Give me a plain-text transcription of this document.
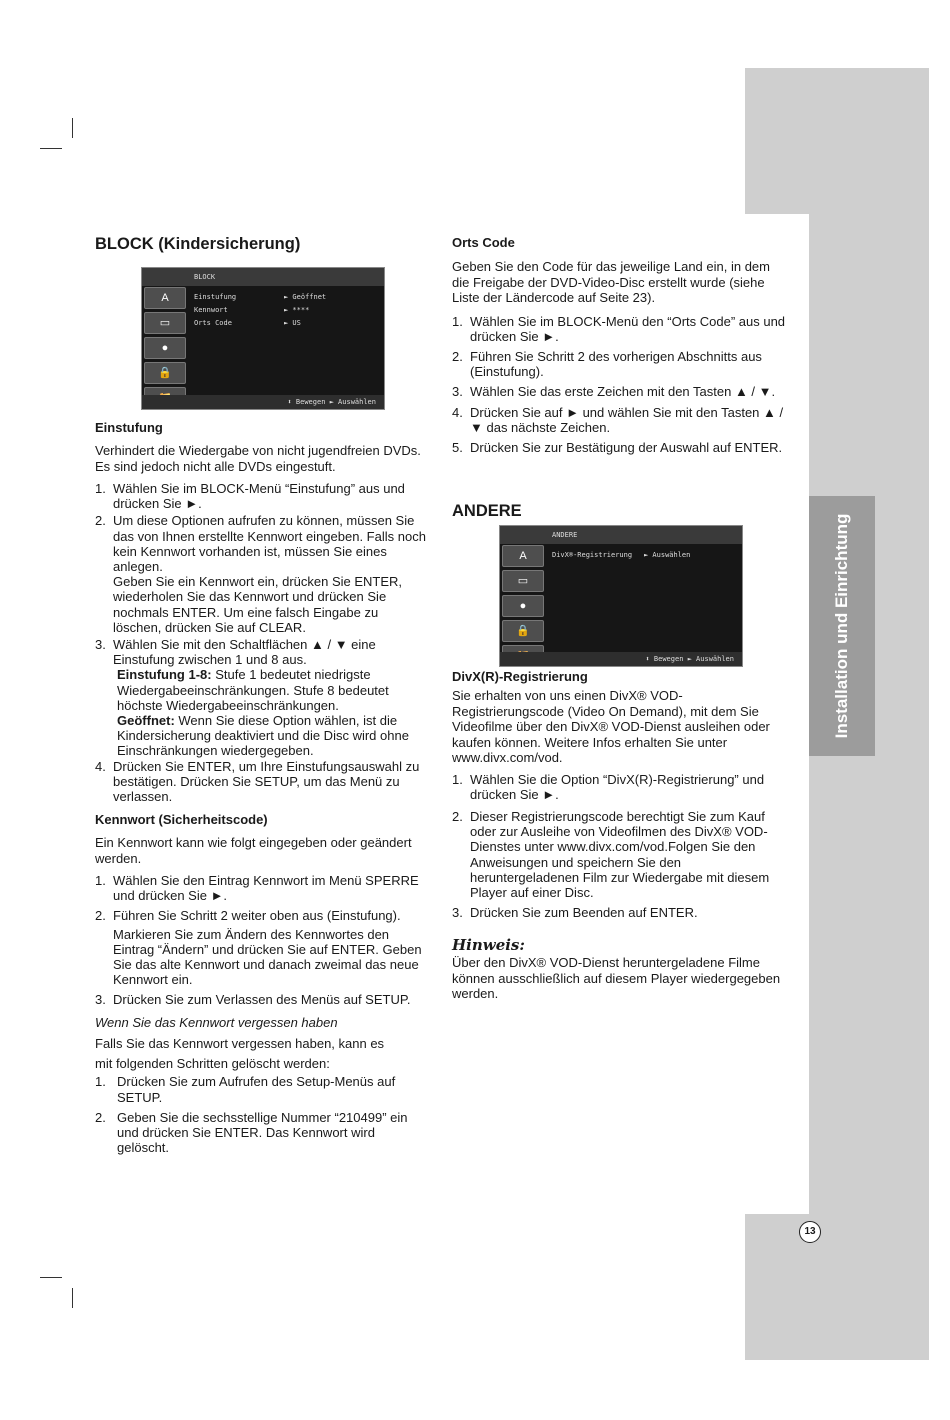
Installation und Einrichtung
13
BLOCK (Kindersicherung)
BLOCK
A
▭
●
🔒
Einstufung	► Geöffnet
Kennwort	► ****
Orts Code	► US
⬍ Bewegen ► Auswählen
Einstufung
Verhindert die Wiedergabe von nicht jugendfreien DVDs. Es sind jedoch nicht alle DVDs eingestuft.
1. Wählen Sie im BLOCK-Menü “Einstufung” aus und drücken Sie ►.
2. Um diese Optionen aufrufen zu können, müssen Sie das von Ihnen erstellte Kennwort eingeben. Falls noch kein Kennwort vorhanden ist, müssen Sie eines anlegen.
Geben Sie ein Kennwort ein, drücken Sie ENTER, wiederholen Sie das Kennwort und drücken Sie nochmals ENTER. Um eine falsch Eingabe zu löschen, drücken Sie auf CLEAR.
3. Wählen Sie mit den Schaltflächen ▲ / ▼ eine Einstufung zwischen 1 und 8 aus.
Einstufung 1-8: Stufe 1 bedeutet niedrigste Wiedergabeeinschränkungen. Stufe 8 bedeutet höchste Wiedergabeeinschränkungen.
Geöffnet: Wenn Sie diese Option wählen, ist die Kindersicherung deaktiviert und die Disc wird ohne Einschränkungen wiedergegeben.
4. Drücken Sie ENTER, um Ihre Einstufungsauswahl zu bestätigen. Drücken Sie SETUP, um das Menü zu verlassen.
Kennwort (Sicherheitscode)
Ein Kennwort kann wie folgt eingegeben oder geändert werden.
1. Wählen Sie den Eintrag Kennwort im Menü SPERRE und drücken Sie ►.
2. Führen Sie Schritt 2 weiter oben aus (Einstufung).
Markieren Sie zum Ändern des Kennwortes den Eintrag “Ändern” und drücken Sie auf ENTER. Geben Sie das alte Kennwort und danach zweimal das neue Kennwort ein.
3. Drücken Sie zum Verlassen des Menüs auf SETUP.
Wenn Sie das Kennwort vergessen haben
Falls Sie das Kennwort vergessen haben, kann es
mit folgenden Schritten gelöscht werden:
1. Drücken Sie zum Aufrufen des Setup-Menüs auf SETUP.
2. Geben Sie die sechsstellige Nummer “210499” ein und drücken Sie ENTER. Das Kennwort wird gelöscht.
Orts Code
Geben Sie den Code für das jeweilige Land ein, in dem die Freigabe der DVD-Video-Disc erstellt wurde (siehe Liste der Ländercode auf Seite 23).
1. Wählen Sie im BLOCK-Menü den “Orts Code” aus und drücken Sie ►.
2. Führen Sie Schritt 2 des vorherigen Abschnitts aus (Einstufung).
3. Wählen Sie das erste Zeichen mit den Tasten ▲ / ▼.
4. Drücken Sie auf ► und wählen Sie mit den Tasten ▲ / ▼ das nächste Zeichen.
5. Drücken Sie zur Bestätigung der Auswahl auf ENTER.
ANDERE
ANDERE
A
▭
●
🔒
DivX®-Registrierung ► Auswählen
⬍ Bewegen ► Auswählen
DivX(R)-Registrierung
Sie erhalten von uns einen DivX® VOD-Registrierungscode (Video On Demand), mit dem Sie Videofilme über den DivX® VOD-Dienst ausleihen oder kaufen können. Weitere Infos erhalten Sie unter www.divx.com/vod.
1. Wählen Sie die Option “DivX(R)-Registrierung” und drücken Sie ►.
2. Dieser Registrierungscode berechtigt Sie zum Kauf oder zur Ausleihe von Videofilmen des DivX® VOD-Dienstes unter www.divx.com/vod.Folgen Sie den Anweisungen und speichern Sie den heruntergeladenen Film zur Wiedergabe mit diesem Player auf einer Disc.
3. Drücken Sie zum Beenden auf ENTER.
Hinweis:
Über den DivX® VOD-Dienst heruntergeladene Filme können ausschließlich auf diesem Player wiedergegeben werden.
